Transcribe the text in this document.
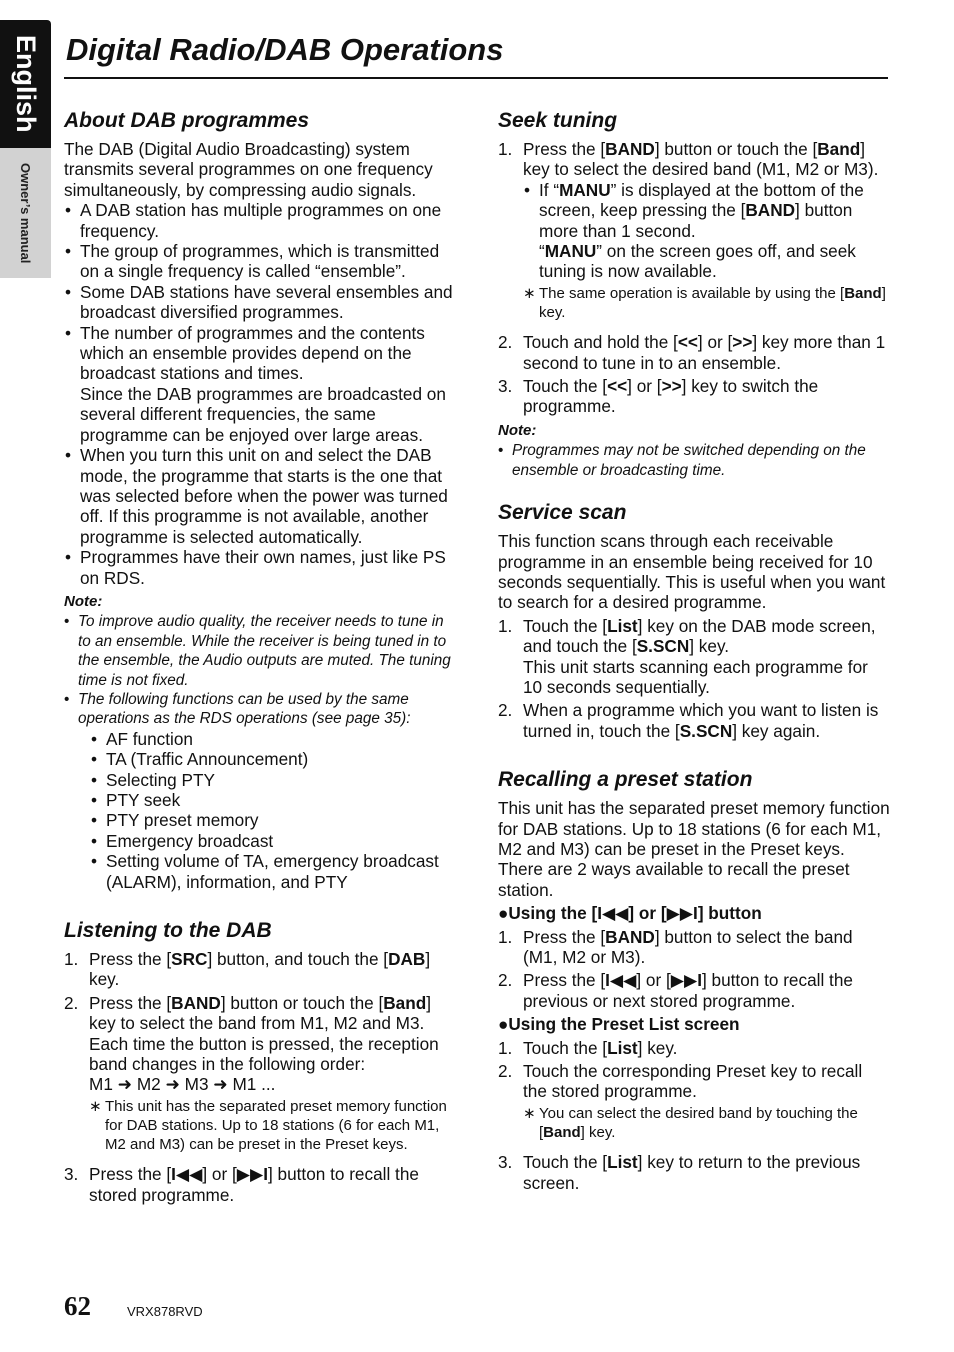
English
Owner’s manual
Digital Radio/DAB Operations
About DAB programmes

The DAB (Digital Audio Broadcasting) system transmits several programmes on one frequency simultaneously, by compressing audio signals.

• A DAB station has multiple programmes on one frequency.
• The group of programmes, which is transmitted on a single frequency is called “ensemble”.
• Some DAB stations have several ensembles and broadcast diversified programmes.
• The number of programmes and the contents which an ensemble provides depend on the broadcast stations and times.
Since the DAB programmes are broadcasted on several different frequencies, the same programme can be enjoyed over large areas.
• When you turn this unit on and select the DAB mode, the programme that starts is the one that was selected before when the power was turned off. If this programme is not available, another programme is selected automatically.
• Programmes have their own names, just like PS on RDS.
Note:
• To improve audio quality, the receiver needs to tune in to an ensemble. While the receiver is being tuned in to the ensemble, the Audio outputs are muted. The tuning time is not fixed.
• The following functions can be used by the same operations as the RDS operations (see page 35):
• AF function
• TA (Traffic Announcement)
• Selecting PTY
• PTY seek
• PTY preset memory
• Emergency broadcast
• Setting volume of TA, emergency broadcast (ALARM), information, and PTY
Listening to the DAB
1. Press the [SRC] button, and touch the [DAB] key.
2. Press the [BAND] button or touch the [Band] key to select the band from M1, M2 and M3.
Each time the button is pressed, the reception band changes in the following order:
M1 ➜ M2 ➜ M3 ➜ M1 ...
∗ This unit has the separated preset memory function for DAB stations. Up to 18 stations (6 for each M1, M2 and M3) can be preset in the Preset keys.
3. Press the [I◀◀] or [▶▶I] button to recall the stored programme.
Seek tuning
1. Press the [BAND] button or touch the [Band] key to select the desired band (M1, M2 or M3).
• If “MANU” is displayed at the bottom of the screen, keep pressing the [BAND] button more than 1 second.
“MANU” on the screen goes off, and seek tuning is now available.
∗ The same operation is available by using the [Band] key.
2. Touch and hold the [<<] or [>>] key more than 1 second to tune in to an ensemble.
3. Touch the [<<] or [>>] key to switch the programme.
Note:
• Programmes may not be switched depending on the ensemble or broadcasting time.
Service scan

This function scans through each receivable programme in an ensemble being received for 10 seconds sequentially. This is useful when you want to search for a desired programme.

1. Touch the [List] key on the DAB mode screen, and touch the [S.SCN] key.
This unit starts scanning each programme for 10 seconds sequentially.
2. When a programme which you want to listen is turned in, touch the [S.SCN] key again.
Recalling a preset station

This unit has the separated preset memory function for DAB stations. Up to 18 stations (6 for each M1, M2 and M3) can be preset in the Preset keys.

There are 2 ways available to recall the preset station.

●Using the [I◀◀] or [▶▶I] button
1. Press the [BAND] button to select the band (M1, M2 or M3).
2. Press the [I◀◀] or [▶▶I] button to recall the previous or next stored programme.
●Using the Preset List screen
1. Touch the [List] key.
2. Touch the corresponding Preset key to recall the stored programme.
∗ You can select the desired band by touching the [Band] key.
3. Touch the [List] key to return to the previous screen.
62	VRX878RVD
